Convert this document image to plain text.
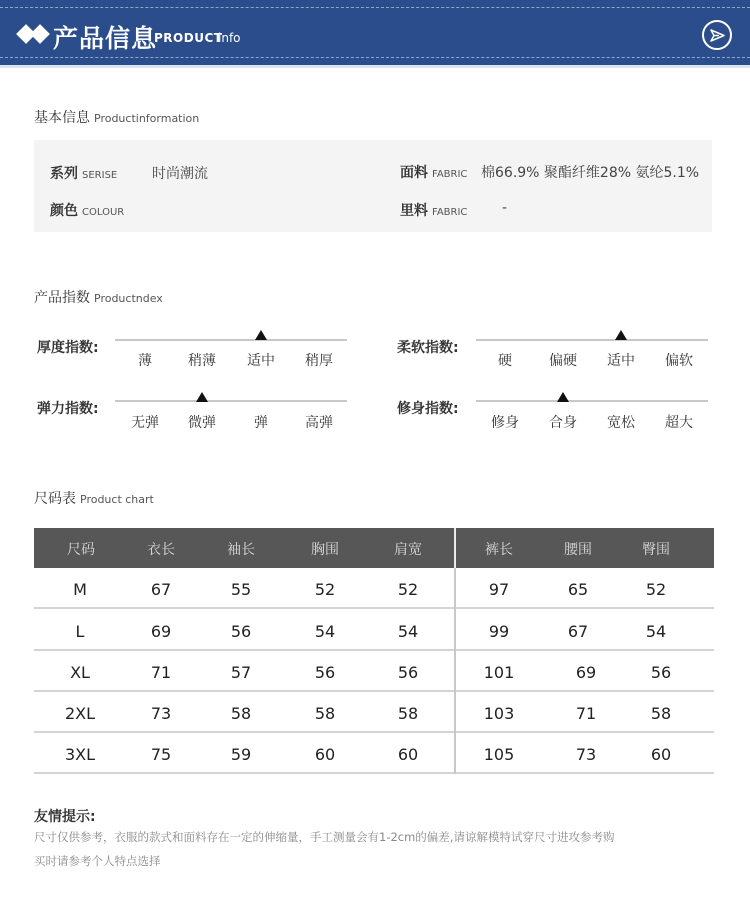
产品信息
PRODUCT
info
基本信息 Productinformation
系列 SERISE 时尚潮流	面料 FABRIC 棉66.9% 聚酯纤维28% 氨纶5.1%
颜色 COLOUR	里料 FABRIC -
产品指数 Productndex
厚度指数:
薄	稍薄	适中	稍厚
柔软指数:
硬	偏硬	适中	偏软
弹力指数:
无弹	微弹	弹	高弹
修身指数:
修身	合身	宽松	超大
尺码表 Product chart
尺码	衣长	袖长	胸围	肩宽	裤长	腰围	臀围
M	67	55	52	52	97	65	52
L	69	56	54	54	99	67	54
XL	71	57	56	56	101	69	56
2XL	73	58	58	58	103	71	58
3XL	75	59	60	60	105	73	60
友情提示:
尺寸仅供参考，衣服的款式和面料存在一定的伸缩量，手工测量会有1-2cm的偏差,请谅解模特试穿尺寸进攻参考购
买时请参考个人特点选择
